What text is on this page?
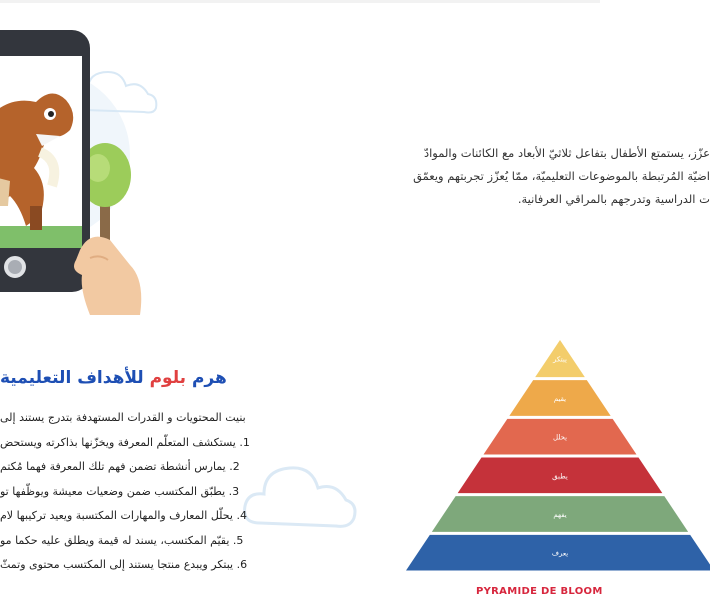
عزّز، يستمتع الأطفال بتفاعل ثلاثيّ الأبعاد مع الكائنات والموادّ

اضيّة المُرتبطة بالموضوعات التعليميّة، ممّا يُعزّز تجربتهم ويعمّق

ت الدراسية وتدرجهم بالمراقي العرفانية.

هرم بلوم للأهداف التعليمية
بنيت المحتويات و القدرات المستهدفة بتدرج يستند إلى
1. يستكشف المتعلّم المعرفة ويخزّنها بذاكرته ويستحض
2. يمارس أنشطة تضمن فهم تلك المعرفة فهما مُكتم
3. يطبّق المكتسب ضمن وضعيات معيشة ويوظّفها تو
4. يحلّل المعارف والمهارات المكتسبة ويعيد تركيبها لام
5. يقيّم المكتسب، يسند له قيمة ويطلق عليه حكما مو
6. يبتكر ويبدع منتجا يستند إلى المكتسب محتوى وتمثّ
يبتكر
يقيم
يحلل
يطبق
يفهم
يعرف
PYRAMIDE DE BLOOM
